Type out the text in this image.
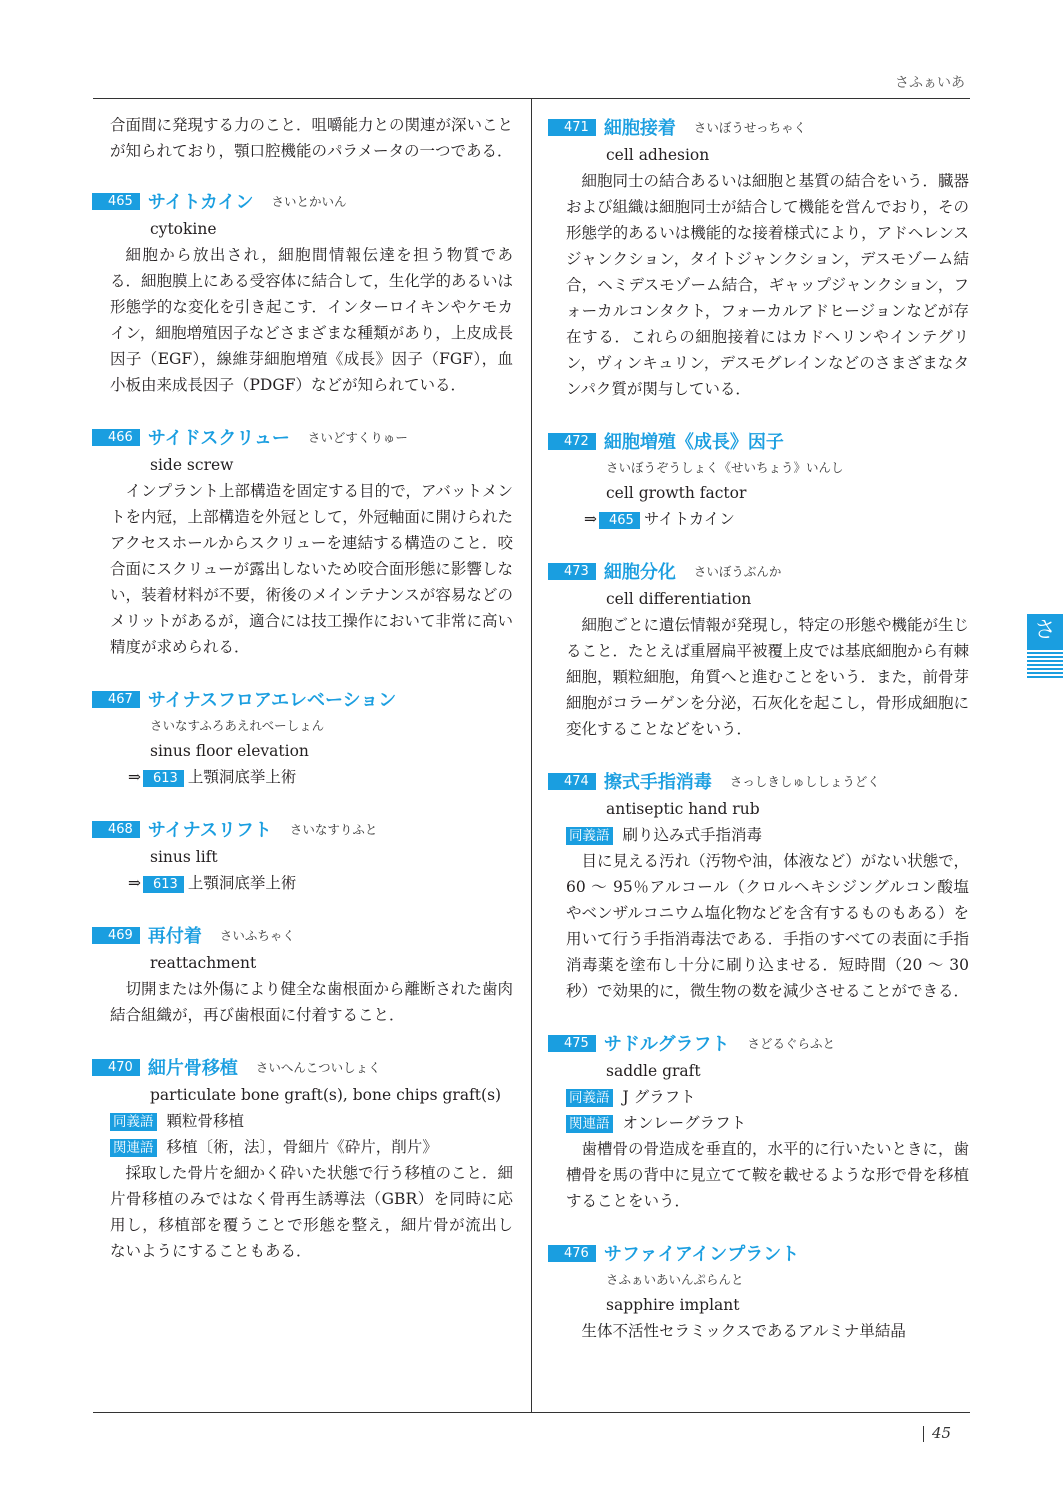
さふぁいあ

合面間に発現する力のこと．咀嚼能力との関連が深いことが知られており，顎口腔機能のパラメータの一つである．

465 サイトカイン さいとかいん
cytokine

細胞から放出され，細胞間情報伝達を担う物質である．細胞膜上にある受容体に結合して，生化学的あるいは形態学的な変化を引き起こす．インターロイキンやケモカイン，細胞増殖因子などさまざまな種類があり，上皮成長因子（EGF），線維芽細胞増殖《成長》因子（FGF），血小板由来成長因子（PDGF）などが知られている．

466 サイドスクリュー さいどすくりゅー
side screw

インプラント上部構造を固定する目的で，アバットメントを内冠，上部構造を外冠として，外冠軸面に開けられたアクセスホールからスクリューを連結する構造のこと．咬合面にスクリューが露出しないため咬合面形態に影響しない，装着材料が不要，術後のメインテナンスが容易などのメリットがあるが，適合には技工操作において非常に高い精度が求められる．

467 サイナスフロアエレベーション
さいなすふろあえれべーしょん
sinus floor elevation
⇒ 613 上顎洞底挙上術
468 サイナスリフト さいなすりふと
sinus lift
⇒ 613 上顎洞底挙上術
469 再付着 さいふちゃく
reattachment

切開または外傷により健全な歯根面から離断された歯肉結合組織が，再び歯根面に付着すること．

470 細片骨移植 さいへんこついしょく
particulate bone graft(s), bone chips graft(s)
同義語 顆粒骨移植
関連語 移植〔術，法〕，骨細片《砕片，削片》

採取した骨片を細かく砕いた状態で行う移植のこと．細片骨移植のみではなく骨再生誘導法（GBR）を同時に応用し，移植部を覆うことで形態を整え，細片骨が流出しないようにすることもある．

471 細胞接着 さいぼうせっちゃく
cell adhesion

細胞同士の結合あるいは細胞と基質の結合をいう．臓器および組織は細胞同士が結合して機能を営んでおり，その形態学的あるいは機能的な接着様式により，アドヘレンスジャンクション，タイトジャンクション，デスモゾーム結合，ヘミデスモゾーム結合，ギャップジャンクション，フォーカルコンタクト，フォーカルアドヒージョンなどが存在する．これらの細胞接着にはカドヘリンやインテグリン，ヴィンキュリン，デスモグレインなどのさまざまなタンパク質が関与している．

472 細胞増殖《成長》因子
さいぼうぞうしょく《せいちょう》いんし
cell growth factor
⇒ 465 サイトカイン
473 細胞分化 さいぼうぶんか
cell differentiation

細胞ごとに遺伝情報が発現し，特定の形態や機能が生じること．たとえば重層扁平被覆上皮では基底細胞から有棘細胞，顆粒細胞，角質へと進むことをいう．また，前骨芽細胞がコラーゲンを分泌，石灰化を起こし，骨形成細胞に変化することなどをいう．

474 擦式手指消毒 さっしきしゅししょうどく
antiseptic hand rub
同義語 刷り込み式手指消毒

目に見える汚れ（汚物や油，体液など）がない状態で，60 ～ 95％アルコール（クロルヘキシジングルコン酸塩やベンザルコニウム塩化物などを含有するものもある）を用いて行う手指消毒法である．手指のすべての表面に手指消毒薬を塗布し十分に刷り込ませる．短時間（20 ～ 30 秒）で効果的に，微生物の数を減少させることができる．

475 サドルグラフト さどるぐらふと
saddle graft
同義語 J グラフト
関連語 オンレーグラフト

歯槽骨の骨造成を垂直的，水平的に行いたいときに，歯槽骨を馬の背中に見立てて鞍を載せるような形で骨を移植することをいう．

476 サファイアインプラント
さふぁいあいんぷらんと
sapphire implant

生体不活性セラミックスであるアルミナ単結晶

さ
45
